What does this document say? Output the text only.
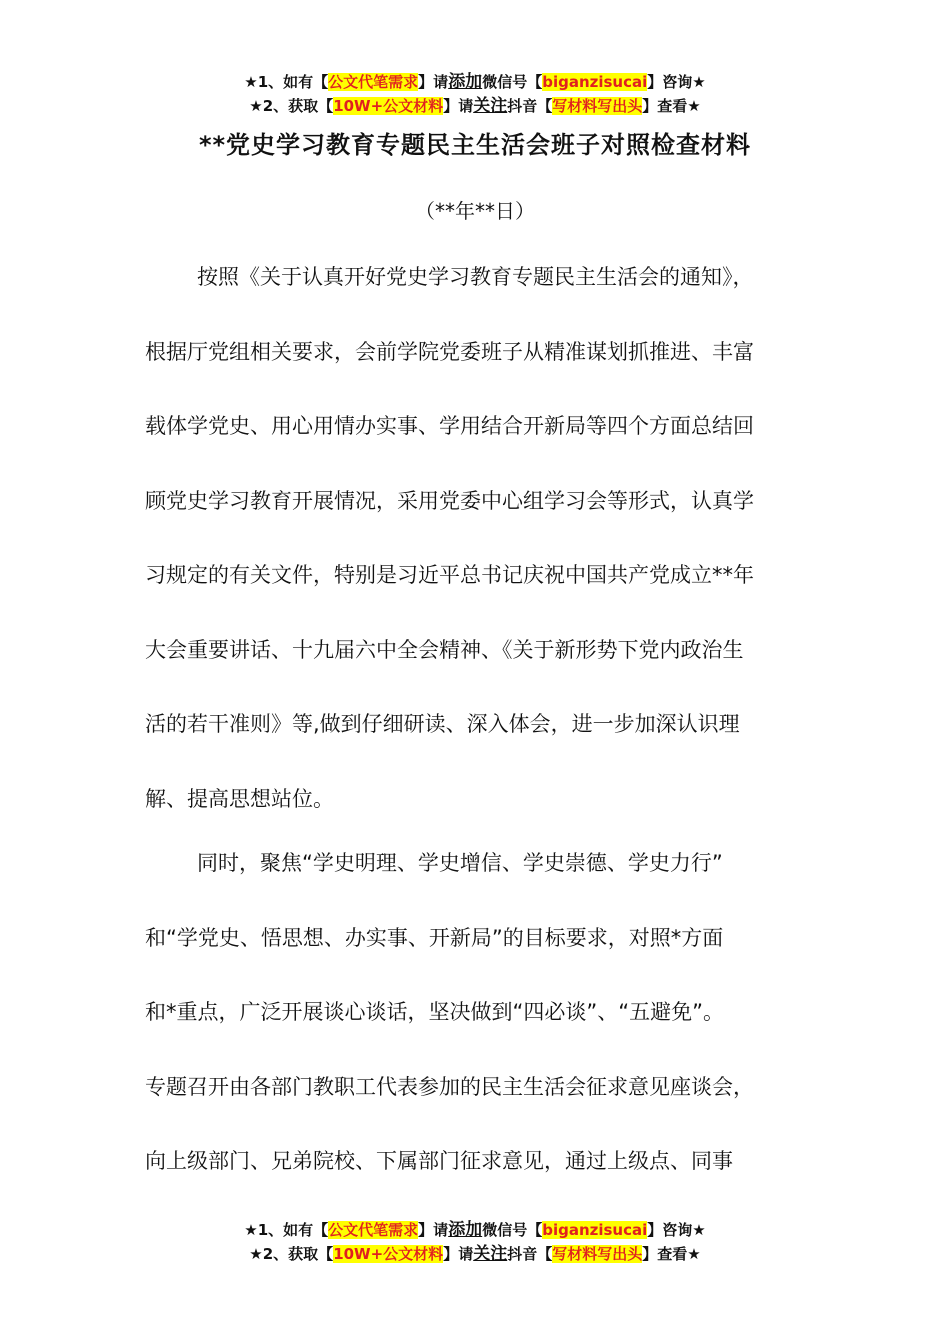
★1、如有【公文代笔需求】请添加微信号【biganzisucai】咨询★
★2、获取【10W+公文材料】请关注抖音【写材料写出头】查看★
**党史学习教育专题民主生活会班子对照检查材料
（**年**日）
按照《关于认真开好党史学习教育专题民主生活会的通知》，
根据厅党组相关要求，会前学院党委班子从精准谋划抓推进、丰富
载体学党史、用心用情办实事、学用结合开新局等四个方面总结回
顾党史学习教育开展情况，采用党委中心组学习会等形式，认真学
习规定的有关文件，特别是习近平总书记庆祝中国共产党成立**年
大会重要讲话、十九届六中全会精神、《关于新形势下党内政治生
活的若干准则》等,做到仔细研读、深入体会，进一步加深认识理
解、提高思想站位。
同时，聚焦“学史明理、学史增信、学史崇德、学史力行”
和“学党史、悟思想、办实事、开新局”的目标要求，对照*方面
和*重点，广泛开展谈心谈话，坚决做到“四必谈”、“五避免”。
专题召开由各部门教职工代表参加的民主生活会征求意见座谈会，
向上级部门、兄弟院校、下属部门征求意见，通过上级点、同事
★1、如有【公文代笔需求】请添加微信号【biganzisucai】咨询★
★2、获取【10W+公文材料】请关注抖音【写材料写出头】查看★
